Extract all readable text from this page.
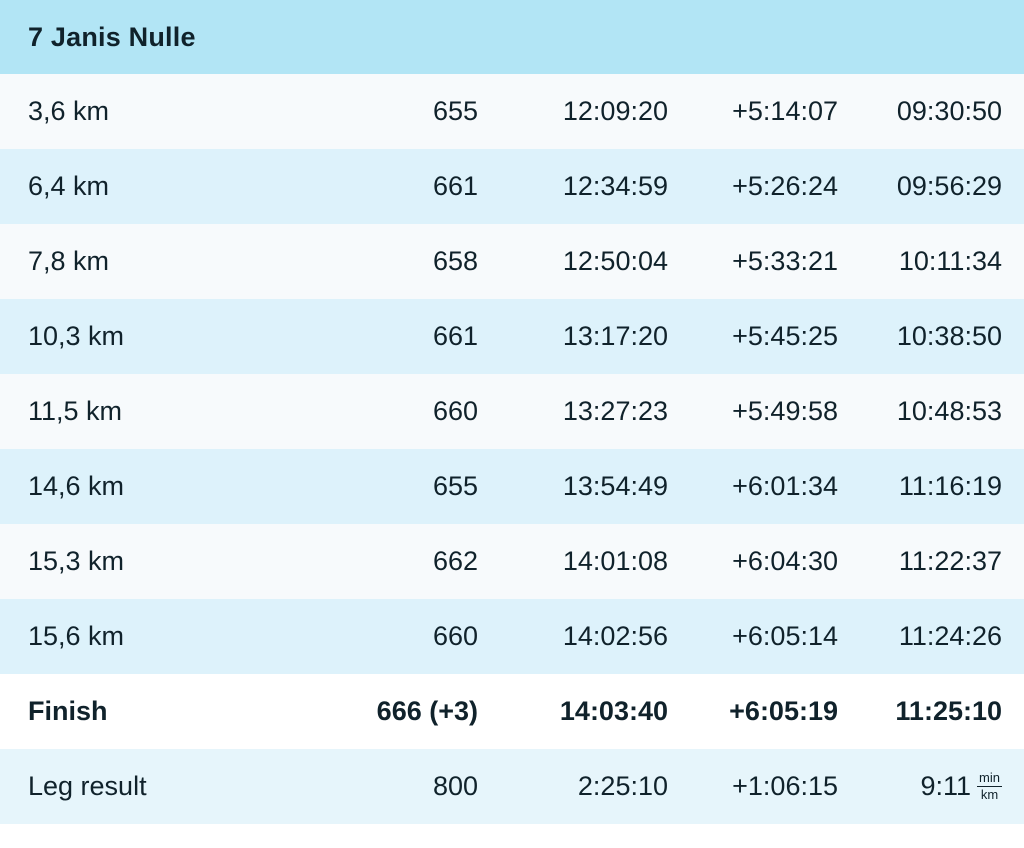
7 Janis Nulle
3,6 km	655	12:09:20	+5:14:07	09:30:50
6,4 km	661	12:34:59	+5:26:24	09:56:29
7,8 km	658	12:50:04	+5:33:21	10:11:34
10,3 km	661	13:17:20	+5:45:25	10:38:50
11,5 km	660	13:27:23	+5:49:58	10:48:53
14,6 km	655	13:54:49	+6:01:34	11:16:19
15,3 km	662	14:01:08	+6:04:30	11:22:37
15,6 km	660	14:02:56	+6:05:14	11:24:26
Finish	666 (+3)	14:03:40	+6:05:19	11:25:10
Leg result	800	2:25:10	+1:06:15	9:11 $\frac{\min}{km}$
